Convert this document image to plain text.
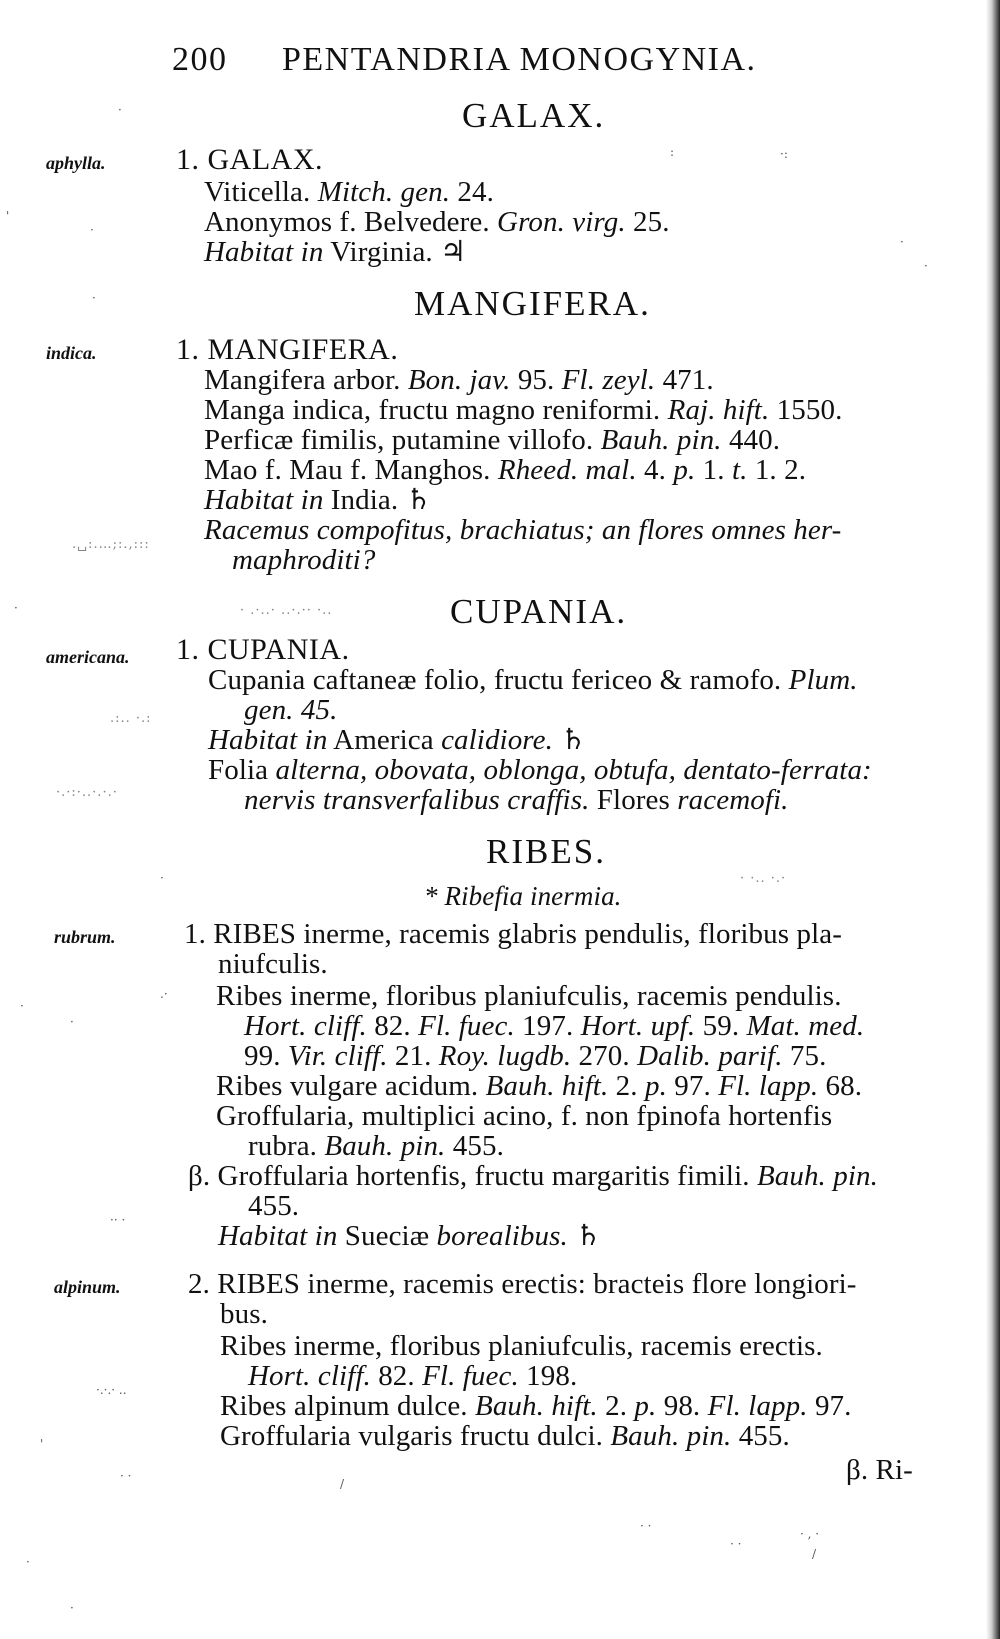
200 PENTANDRIA MONOGYNIA.
GALAX.
aphylla. 1. GALAX.
Viticella. Mitch. gen. 24.
Anonymos f. Belvedere. Gron. virg. 25.
Habitat in Virginia. ♃
MANGIFERA.
indica.	1. MANGIFERA.
Mangifera arbor. Bon. jav. 95. Fl. zeyl. 471.
Manga indica, fructu magno reniformi. Raj. hift. 1550.
Perficæ fimilis, putamine villofo. Bauh. pin. 440.
Mao f. Mau f. Manghos. Rheed. mal. 4. p. 1. t. 1. 2.
Habitat in India. ♄
Racemus compofitus, brachiatus; an flores omnes her-
maphroditi?
CUPANIA.
americana. 1. CUPANIA.
Cupania caftaneæ folio, fructu fericeo & ramofo. Plum.
gen. 45.
Habitat in America calidiore. ♄
Folia alterna, obovata, oblonga, obtufa, dentato-ferrata:
nervis transverfalibus craffis. Flores racemofi.
RIBES.
* Ribefia inermia.
rubrum. 1. RIBES inerme, racemis glabris pendulis, floribus pla-
niufculis.
Ribes inerme, floribus planiufculis, racemis pendulis.
Hort. cliff. 82. Fl. fuec. 197. Hort. upf. 59. Mat. med.
99. Vir. cliff. 21. Roy. lugdb. 270. Dalib. parif. 75.
Ribes vulgare acidum. Bauh. hift. 2. p. 97. Fl. lapp. 68.
Groffularia, multiplici acino, f. non fpinofa hortenfis
rubra. Bauh. pin. 455.
β. Groffularia hortenfis, fructu margaritis fimili. Bauh. pin.
455.
Habitat in Sueciæ borealibus. ♄
alpinum. 2. RIBES inerme, racemis erectis: bracteis flore longiori-
bus.
Ribes inerme, floribus planiufculis, racemis erectis.
Hort. cliff. 82. Fl. fuec. 198.
Ribes alpinum dulce. Bauh. hift. 2. p. 98. Fl. lapp. 97.
Groffularia vulgaris fructu dulci. Bauh. pin. 455.
β. Ri-
.␣:.…;:.,:::
· .·..· ..·.·· ·..
.:.. ·.:
·.·:·..·.·.·
· ·.. ·.·
·
'
·
:	·:
·
·
·
·
·
.·
·
·
·· ·
·.·.· ..
'
· ·
/
·
·
· ·
· ·
· , ·
/
